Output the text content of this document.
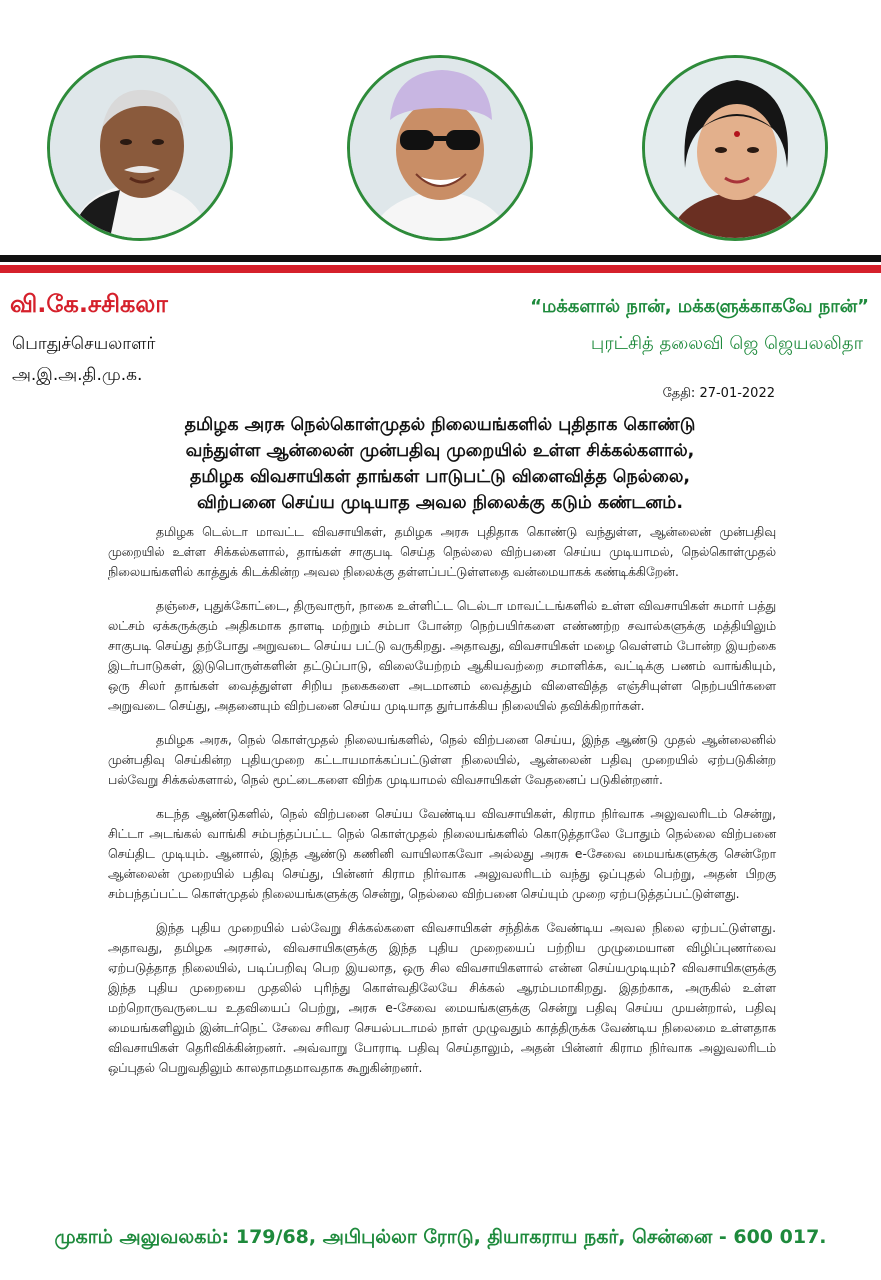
வி.கே.சசிகலா
பொதுச்செயலாளர்
அ.இ.அ.தி.மு.க.
“மக்களால் நான், மக்களுக்காகவே நான்”
புரட்சித் தலைவி ஜெ ஜெயலலிதா
தேதி: 27-01-2022
தமிழக அரசு நெல்கொள்முதல் நிலையங்களில் புதிதாக கொண்டு
வந்துள்ள ஆன்லைன் முன்பதிவு முறையில் உள்ள சிக்கல்களால்,
தமிழக விவசாயிகள் தாங்கள் பாடுபட்டு விளைவித்த நெல்லை,
விற்பனை செய்ய முடியாத அவல நிலைக்கு கடும் கண்டனம்.

தமிழக டெல்டா மாவட்ட விவசாயிகள், தமிழக அரசு புதிதாக கொண்டு வந்துள்ள, ஆன்லைன் முன்பதிவு முறையில் உள்ள சிக்கல்களால், தாங்கள் சாகுபடி செய்த நெல்லை விற்பனை செய்ய முடியாமல், நெல்கொள்முதல் நிலையங்களில் காத்துக் கிடக்கின்ற அவல நிலைக்கு தள்ளப்பட்டுள்ளதை வன்மையாகக் கண்டிக்கிறேன்.

தஞ்சை, புதுக்கோட்டை, திருவாரூர், நாகை உள்ளிட்ட டெல்டா மாவட்டங்களில் உள்ள விவசாயிகள் சுமார் பத்து லட்சம் ஏக்கருக்கும் அதிகமாக தாளடி மற்றும் சம்பா போன்ற நெற்பயிர்களை எண்ணற்ற சவால்களுக்கு மத்தியிலும் சாகுபடி செய்து தற்போது அறுவடை செய்ய பட்டு வருகிறது. அதாவது, விவசாயிகள் மழை வெள்ளம் போன்ற இயற்கை இடர்பாடுகள், இடுபொருள்களின் தட்டுப்பாடு, விலையேற்றம் ஆகியவற்றை சமாளிக்க, வட்டிக்கு பணம் வாங்கியும், ஒரு சிலர் தாங்கள் வைத்துள்ள சிறிய நகைகளை அடமானம் வைத்தும் விளைவித்த எஞ்சியுள்ள நெற்பயிர்களை அறுவடை செய்து, அதனையும் விற்பனை செய்ய முடியாத துர்பாக்கிய நிலையில் தவிக்கிறார்கள்.

தமிழக அரசு, நெல் கொள்முதல் நிலையங்களில், நெல் விற்பனை செய்ய, இந்த ஆண்டு முதல் ஆன்லைனில் முன்பதிவு செய்கின்ற புதியமுறை கட்டாயமாக்கப்பட்டுள்ள நிலையில், ஆன்லைன் பதிவு முறையில் ஏற்படுகின்ற பல்வேறு சிக்கல்களால், நெல் மூட்டைகளை விற்க முடியாமல் விவசாயிகள் வேதனைப் படுகின்றனர்.

கடந்த ஆண்டுகளில், நெல் விற்பனை செய்ய வேண்டிய விவசாயிகள், கிராம நிர்வாக அலுவலரிடம் சென்று, சிட்டா அடங்கல் வாங்கி சம்பந்தப்பட்ட நெல் கொள்முதல் நிலையங்களில் கொடுத்தாலே போதும் நெல்லை விற்பனை செய்திட முடியும். ஆனால், இந்த ஆண்டு கணினி வாயிலாகவோ அல்லது அரசு e-சேவை மையங்களுக்கு சென்றோ ஆன்லைன் முறையில் பதிவு செய்து, பின்னர் கிராம நிர்வாக அலுவலரிடம் வந்து ஒப்புதல் பெற்று, அதன் பிறகு சம்பந்தப்பட்ட கொள்முதல் நிலையங்களுக்கு சென்று, நெல்லை விற்பனை செய்யும் முறை ஏற்படுத்தப்பட்டுள்ளது.

இந்த புதிய முறையில் பல்வேறு சிக்கல்களை விவசாயிகள் சந்திக்க வேண்டிய அவல நிலை ஏற்பட்டுள்ளது. அதாவது, தமிழக அரசால், விவசாயிகளுக்கு இந்த புதிய முறையைப் பற்றிய முழுமையான விழிப்புணர்வை ஏற்படுத்தாத நிலையில், படிப்பறிவு பெற இயலாத, ஒரு சில விவசாயிகளால் என்ன செய்யமுடியும்? விவசாயிகளுக்கு இந்த புதிய முறையை முதலில் புரிந்து கொள்வதிலேயே சிக்கல் ஆரம்பமாகிறது. இதற்காக, அருகில் உள்ள மற்றொருவருடைய உதவியைப் பெற்று, அரசு e-சேவை மையங்களுக்கு சென்று பதிவு செய்ய முயன்றால், பதிவு மையங்களிலும் இன்டர்நெட் சேவை சரிவர செயல்படாமல் நாள் முழுவதும் காத்திருக்க வேண்டிய நிலைமை உள்ளதாக விவசாயிகள் தெரிவிக்கின்றனர். அவ்வாறு போராடி பதிவு செய்தாலும், அதன் பின்னர் கிராம நிர்வாக அலுவலரிடம் ஒப்புதல் பெறுவதிலும் காலதாமதமாவதாக கூறுகின்றனர்.

முகாம் அலுவலகம்: 179/68, அபிபுல்லா ரோடு, தியாகராய நகர், சென்னை - 600 017.
